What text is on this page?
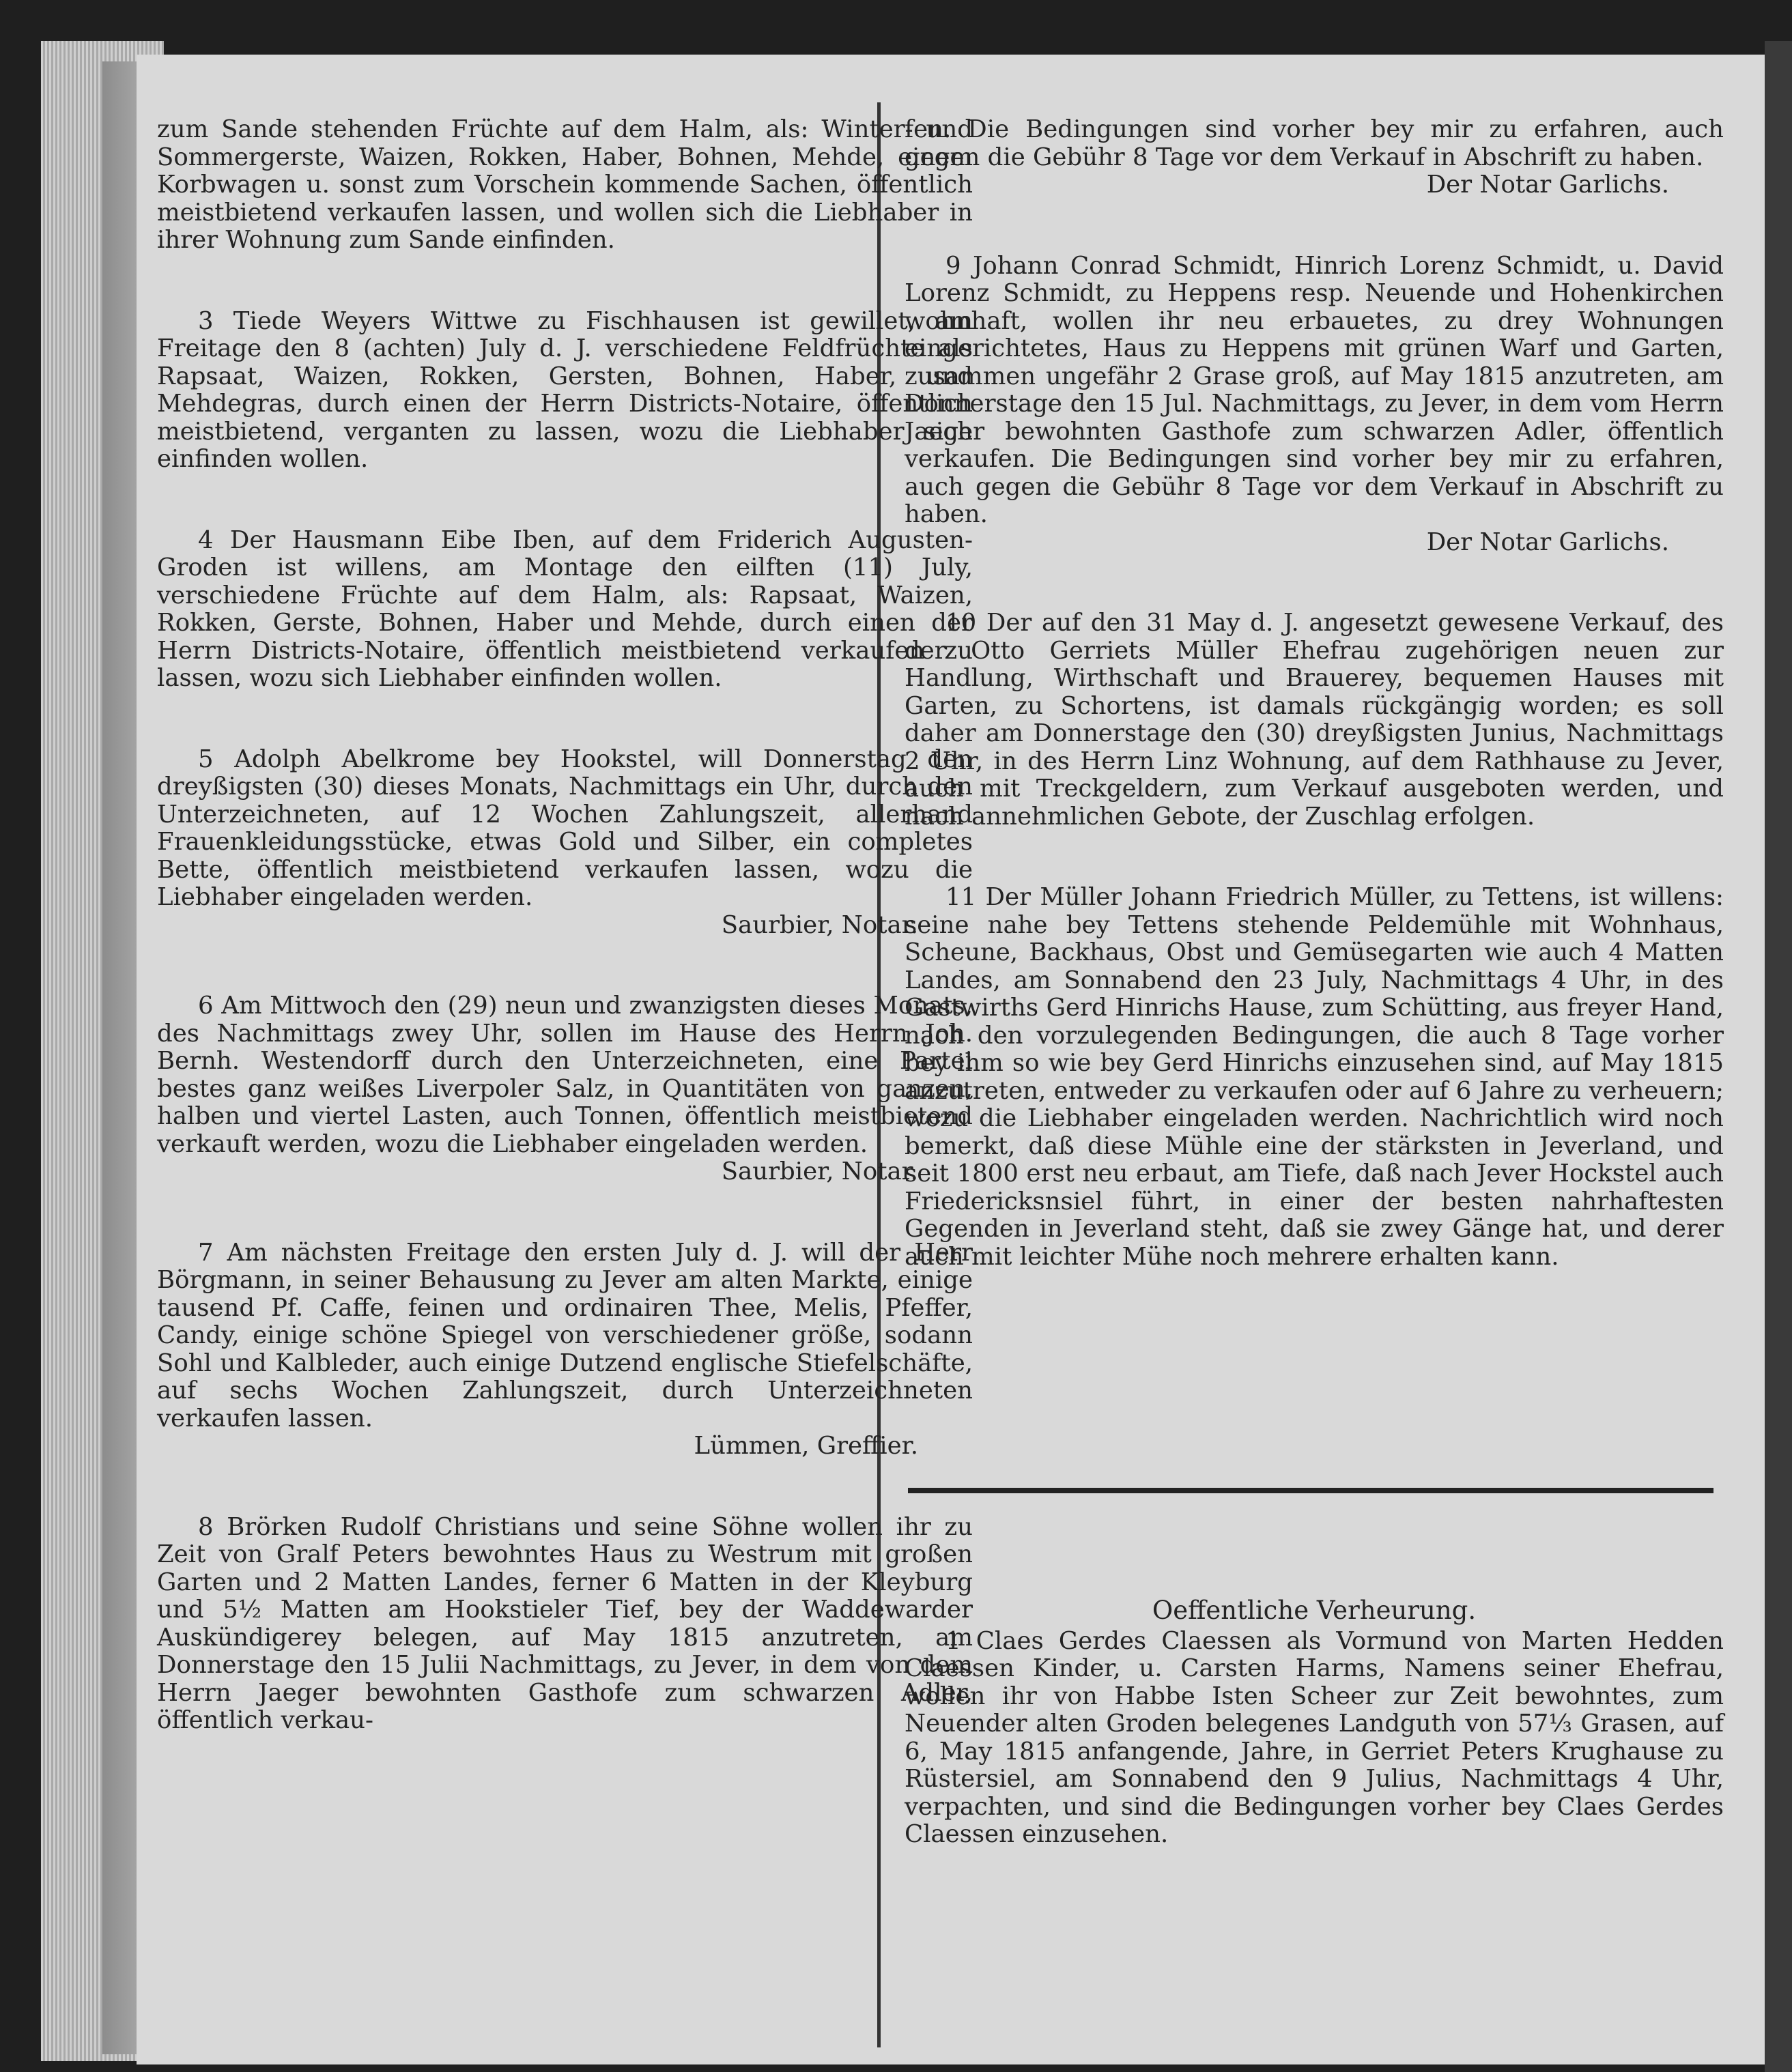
zum Sande stehenden Früchte auf dem Halm, als: Winter- und Sommergerste, Waizen, Rokken, Haber, Bohnen, Mehde, einem Korbwagen u. sonst zum Vorschein kommende Sachen, öffentlich meistbietend verkaufen lassen, und wollen sich die Liebhaber in ihrer Wohnung zum Sande einfinden.
3 Tiede Weyers Wittwe zu Fischhausen ist gewillet, am Freitage den 8 (achten) July d. J. verschiedene Feldfrüchte als Rapsaat, Waizen, Rokken, Gersten, Bohnen, Haber, und Mehdegras, durch einen der Herrn Districts-Notaire, öffentlich meistbietend, verganten zu lassen, wozu die Liebhaber sich einfinden wollen.
4 Der Hausmann Eibe Iben, auf dem Friderich Augusten-Groden ist willens, am Montage den eilften (11) July, verschiedene Früchte auf dem Halm, als: Rapsaat, Waizen, Rokken, Gerste, Bohnen, Haber und Mehde, durch einen der Herrn Districts-Notaire, öffentlich meistbietend verkaufen zu lassen, wozu sich Liebhaber einfinden wollen.
5 Adolph Abelkrome bey Hookstel, will Donnerstag den dreyßigsten (30) dieses Monats, Nachmittags ein Uhr, durch den Unterzeichneten, auf 12 Wochen Zahlungszeit, allerhand Frauenkleidungsstücke, etwas Gold und Silber, ein completes Bette, öffentlich meistbietend verkaufen lassen, wozu die Liebhaber eingeladen werden.
Saurbier, Notar.
6 Am Mittwoch den (29) neun und zwanzigsten dieses Monats, des Nachmittags zwey Uhr, sollen im Hause des Herrn Joh. Bernh. Westendorff durch den Unterzeichneten, eine Partei bestes ganz weißes Liverpoler Salz, in Quantitäten von ganzen, halben und viertel Lasten, auch Tonnen, öffentlich meistbietend verkauft werden, wozu die Liebhaber eingeladen werden.
Saurbier, Notar.
7 Am nächsten Freitage den ersten July d. J. will der Herr Börgmann, in seiner Behausung zu Jever am alten Markte, einige tausend Pf. Caffe, feinen und ordinairen Thee, Melis, Pfeffer, Candy, einige schöne Spiegel von verschiedener größe, sodann Sohl und Kalbleder, auch einige Dutzend englische Stiefelschäfte, auf sechs Wochen Zahlungszeit, durch Unterzeichneten verkaufen lassen.
Lümmen, Greffier.
8 Brörken Rudolf Christians und seine Söhne wollen ihr zu Zeit von Gralf Peters bewohntes Haus zu Westrum mit großen Garten und 2 Matten Landes, ferner 6 Matten in der Kleyburg und 5½ Matten am Hookstieler Tief, bey der Waddewarder Auskündigerey belegen, auf May 1815 anzutreten, am Donnerstage den 15 Julii Nachmittags, zu Jever, in dem von dem Herrn Jaeger bewohnten Gasthofe zum schwarzen Adler, öffentlich verkau-
fen. Die Bedingungen sind vorher bey mir zu erfahren, auch gegen die Gebühr 8 Tage vor dem Verkauf in Abschrift zu haben.
Der Notar Garlichs.
9 Johann Conrad Schmidt, Hinrich Lorenz Schmidt, u. David Lorenz Schmidt, zu Heppens resp. Neuende und Hohenkirchen wohnhaft, wollen ihr neu erbauetes, zu drey Wohnungen eingerichtetes, Haus zu Heppens mit grünen Warf und Garten, zusammen ungefähr 2 Grase groß, auf May 1815 anzutreten, am Donnerstage den 15 Jul. Nachmittags, zu Jever, in dem vom Herrn Jaeger bewohnten Gasthofe zum schwarzen Adler, öffentlich verkaufen. Die Bedingungen sind vorher bey mir zu erfahren, auch gegen die Gebühr 8 Tage vor dem Verkauf in Abschrift zu haben.
Der Notar Garlichs.
10 Der auf den 31 May d. J. angesetzt gewesene Verkauf, des der Otto Gerriets Müller Ehefrau zugehörigen neuen zur Handlung, Wirthschaft und Brauerey, bequemen Hauses mit Garten, zu Schortens, ist damals rückgängig worden; es soll daher am Donnerstage den (30) dreyßigsten Junius, Nachmittags 2 Uhr, in des Herrn Linz Wohnung, auf dem Rathhause zu Jever, auch mit Treckgeldern, zum Verkauf ausgeboten werden, und nach annehmlichen Gebote, der Zuschlag erfolgen.
11 Der Müller Johann Friedrich Müller, zu Tettens, ist willens: seine nahe bey Tettens stehende Peldemühle mit Wohnhaus, Scheune, Backhaus, Obst und Gemüsegarten wie auch 4 Matten Landes, am Sonnabend den 23 July, Nachmittags 4 Uhr, in des Gastwirths Gerd Hinrichs Hause, zum Schütting, aus freyer Hand, nach den vorzulegenden Bedingungen, die auch 8 Tage vorher bey ihm so wie bey Gerd Hinrichs einzusehen sind, auf May 1815 anzutreten, entweder zu verkaufen oder auf 6 Jahre zu verheuern; wozu die Liebhaber eingeladen werden. Nachrichtlich wird noch bemerkt, daß diese Mühle eine der stärksten in Jeverland, und seit 1800 erst neu erbaut, am Tiefe, daß nach Jever Hockstel auch Friedericksnsiel führt, in einer der besten nahrhaftesten Gegenden in Jeverland steht, daß sie zwey Gänge hat, und derer auch mit leichter Mühe noch mehrere erhalten kann.
Oeffentliche Verheurung.
1 Claes Gerdes Claessen als Vormund von Marten Hedden Claessen Kinder, u. Carsten Harms, Namens seiner Ehefrau, wollen ihr von Habbe Isten Scheer zur Zeit bewohntes, zum Neuender alten Groden belegenes Landguth von 57⅓ Grasen, auf 6, May 1815 anfangende, Jahre, in Gerriet Peters Krughause zu Rüstersiel, am Sonnabend den 9 Julius, Nachmittags 4 Uhr, verpachten, und sind die Bedingungen vorher bey Claes Gerdes Claessen einzusehen.
